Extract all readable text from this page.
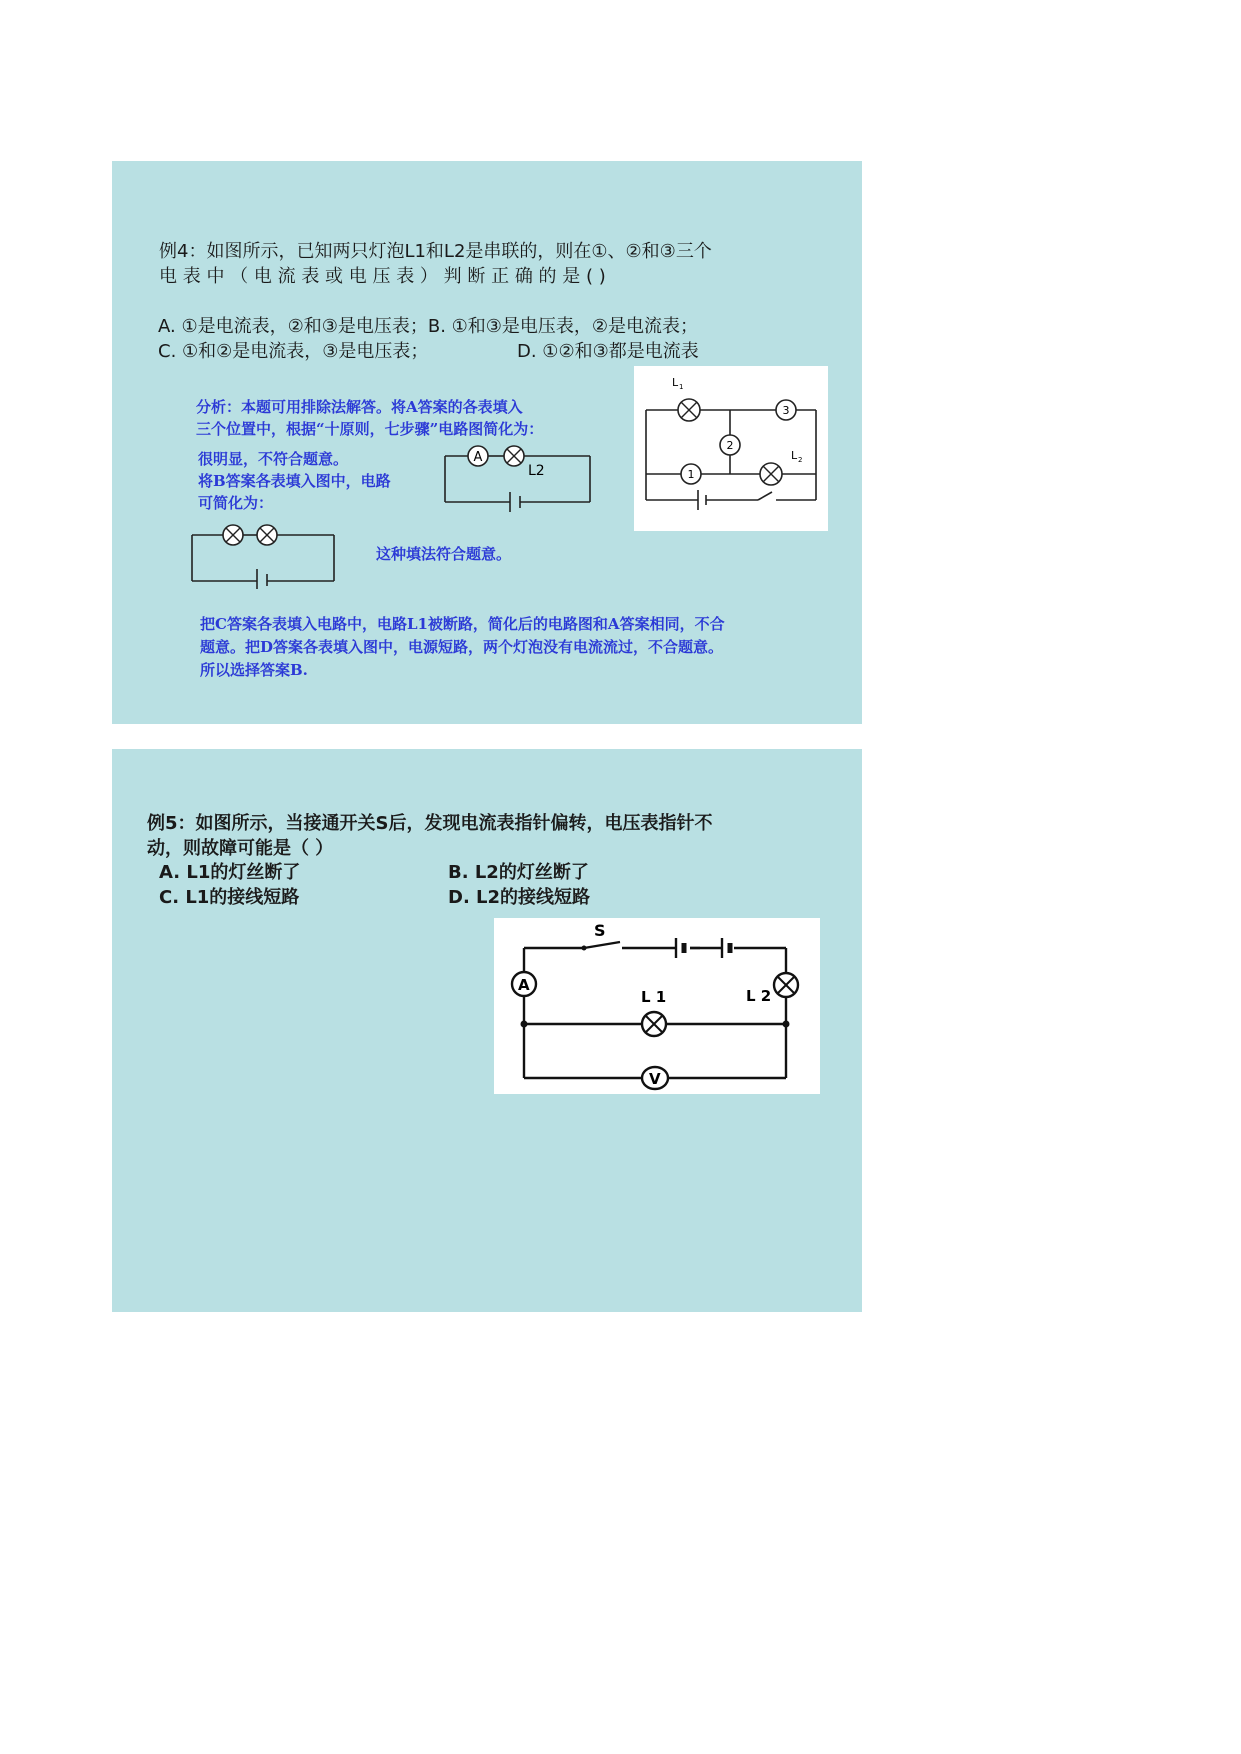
例4：如图所示，已知两只灯泡L1和L2是串联的，则在①、②和③三个
电 表 中 （ 电 流 表 或 电 压 表 ） 判 断 正 确 的 是 ( )
A. ①是电流表，②和③是电压表；B. ①和③是电压表，②是电流表；
C. ①和②是电流表，③是电压表；	D. ①②和③都是电流表
分析：本题可用排除法解答。将A答案的各表填入
三个位置中，根据“十原则，七步骤”电路图简化为：
很明显，不符合题意。
将B答案各表填入图中，电路
可简化为：
这种填法符合题意。
把C答案各表填入电路中，电路L1被断路，简化后的电路图和A答案相同，不合
题意。把D答案各表填入图中，电源短路，两个灯泡没有电流流过，不合题意。
所以选择答案B.
L 1
3
2
1
L 2
A
L2
例5：如图所示，当接通开关S后，发现电流表指针偏转，电压表指针不
动，则故障可能是（ ）
A. L1的灯丝断了	B. L2的灯丝断了
C. L1的接线短路	D. L2的接线短路
S
A
L 2
L 1
V
